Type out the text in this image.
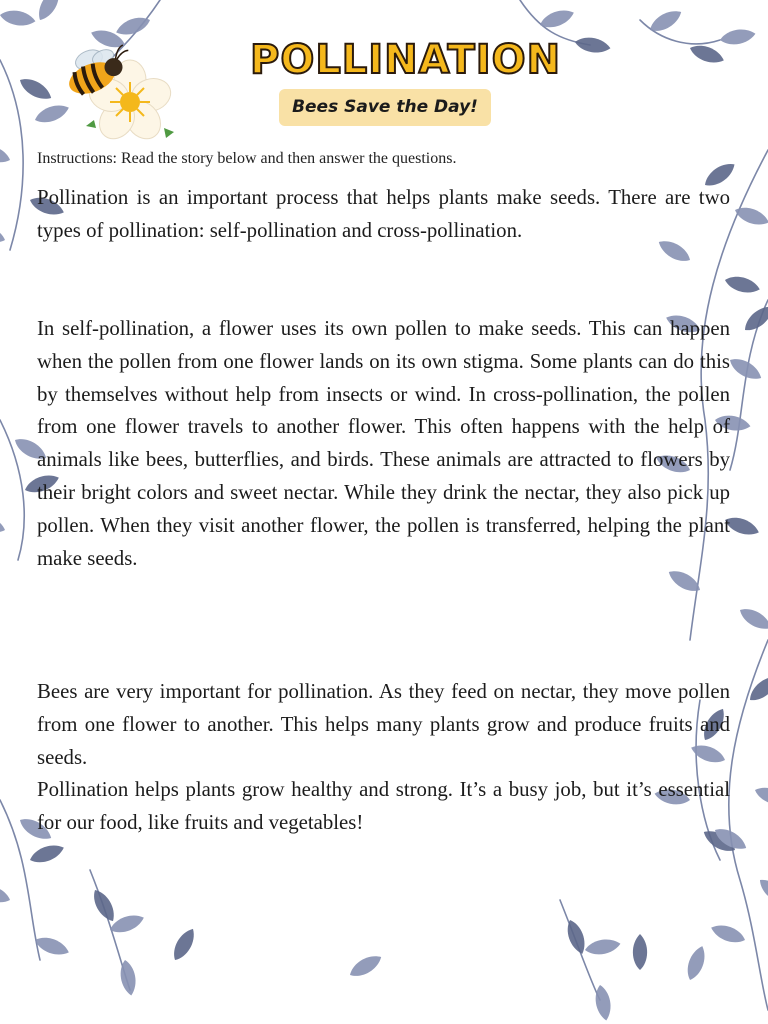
POLLINATION
Bees Save the Day!
Instructions: Read the story below and then answer the questions.

Pollination is an important process that helps plants make seeds. There are two types of pollination: self-pollination and cross-pollination.

In self-pollination, a flower uses its own pollen to make seeds. This can happen when the pollen from one flower lands on its own stigma. Some plants can do this by themselves without help from insects or wind. In cross-pollination, the pollen from one flower travels to another flower. This often happens with the help of animals like bees, butterflies, and birds. These animals are attracted to flowers by their bright colors and sweet nectar. While they drink the nectar, they also pick up pollen. When they visit another flower, the pollen is transferred, helping the plant make seeds.

Bees are very important for pollination. As they feed on nectar, they move pollen from one flower to another. This helps many plants grow and produce fruits and seeds.

Pollination helps plants grow healthy and strong. It’s a busy job, but it’s essential for our food, like fruits and vegetables!
